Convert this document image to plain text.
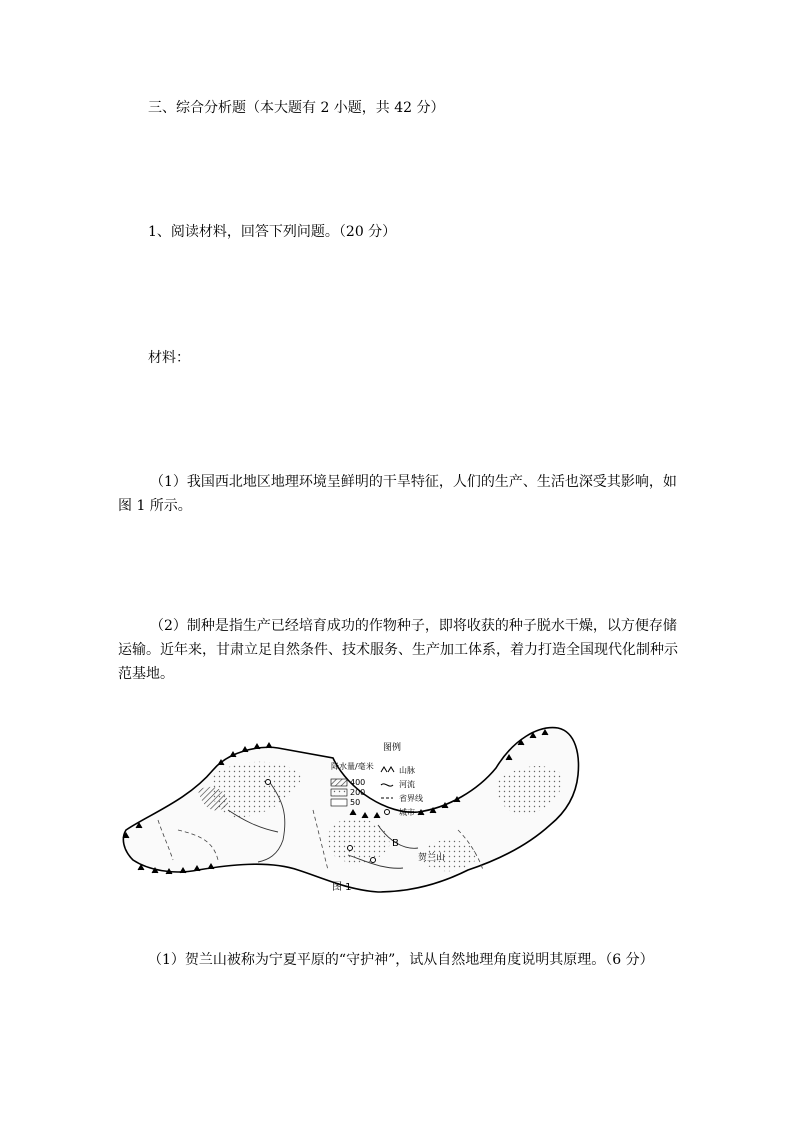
三、综合分析题（本大题有 2 小题，共 42 分）

1、阅读材料，回答下列问题。（20 分）

材料：

（1）我国西北地区地理环境呈鲜明的干旱特征，人们的生产、生活也深受其影响，如图 1 所示。

（2）制种是指生产已经培育成功的作物种子，即将收获的种子脱水干燥，以方便存储运输。近年来，甘肃立足自然条件、技术服务、生产加工体系，着力打造全国现代化制种示范基地。

B
贺兰山
图例
降水量/毫米
400
200
50
山脉
河流
省界线
城市
图 1

（1）贺兰山被称为宁夏平原的“守护神”，试从自然地理角度说明其原理。（6 分）
